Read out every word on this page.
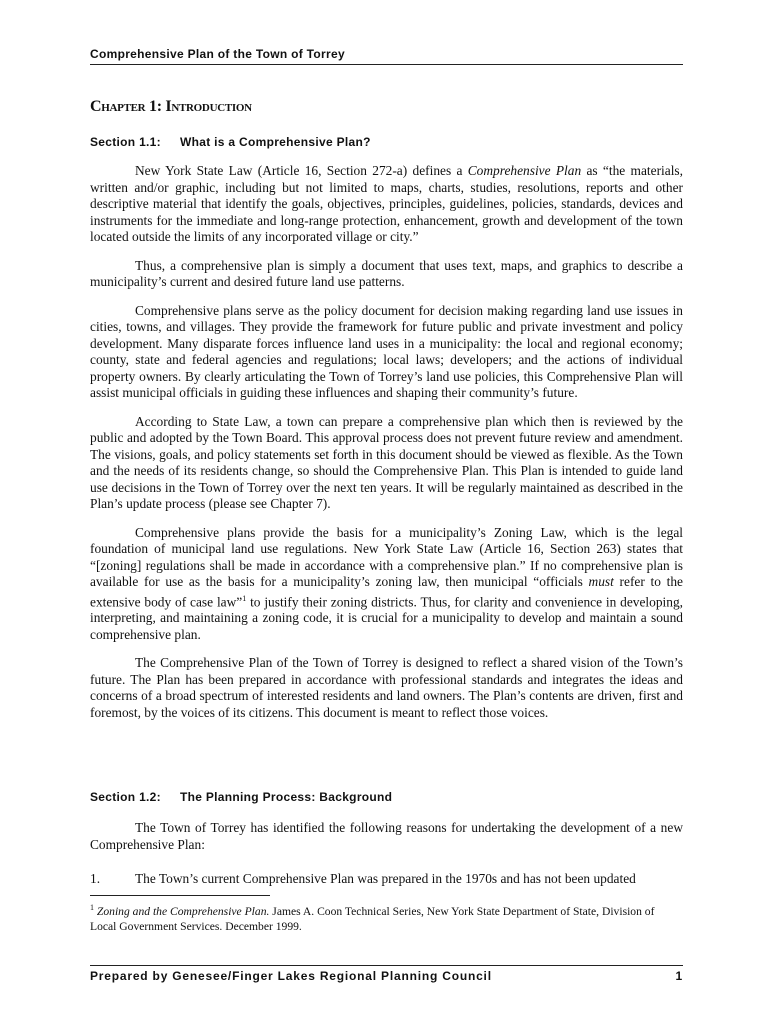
Comprehensive Plan of the Town of Torrey
Chapter 1: Introduction
Section 1.1: What is a Comprehensive Plan?

New York State Law (Article 16, Section 272-a) defines a Comprehensive Plan as “the materials, written and/or graphic, including but not limited to maps, charts, studies, resolutions, reports and other descriptive material that identify the goals, objectives, principles, guidelines, policies, standards, devices and instruments for the immediate and long-range protection, enhancement, growth and development of the town located outside the limits of any incorporated village or city.”

Thus, a comprehensive plan is simply a document that uses text, maps, and graphics to describe a municipality’s current and desired future land use patterns.

Comprehensive plans serve as the policy document for decision making regarding land use issues in cities, towns, and villages. They provide the framework for future public and private investment and policy development. Many disparate forces influence land uses in a municipality: the local and regional economy; county, state and federal agencies and regulations; local laws; developers; and the actions of individual property owners. By clearly articulating the Town of Torrey’s land use policies, this Comprehensive Plan will assist municipal officials in guiding these influences and shaping their community’s future.

According to State Law, a town can prepare a comprehensive plan which then is reviewed by the public and adopted by the Town Board. This approval process does not prevent future review and amendment. The visions, goals, and policy statements set forth in this document should be viewed as flexible. As the Town and the needs of its residents change, so should the Comprehensive Plan. This Plan is intended to guide land use decisions in the Town of Torrey over the next ten years. It will be regularly maintained as described in the Plan’s update process (please see Chapter 7).

Comprehensive plans provide the basis for a municipality’s Zoning Law, which is the legal foundation of municipal land use regulations. New York State Law (Article 16, Section 263) states that “[zoning] regulations shall be made in accordance with a comprehensive plan.” If no comprehensive plan is available for use as the basis for a municipality’s zoning law, then municipal “officials must refer to the extensive body of case law”$^1$ to justify their zoning districts. Thus, for clarity and convenience in developing, interpreting, and maintaining a zoning code, it is crucial for a municipality to develop and maintain a sound comprehensive plan.

The Comprehensive Plan of the Town of Torrey is designed to reflect a shared vision of the Town’s future. The Plan has been prepared in accordance with professional standards and integrates the ideas and concerns of a broad spectrum of interested residents and land owners. The Plan’s contents are driven, first and foremost, by the voices of its citizens. This document is meant to reflect those voices.

Section 1.2: The Planning Process: Background

The Town of Torrey has identified the following reasons for undertaking the development of a new Comprehensive Plan:

1.	The Town’s current Comprehensive Plan was prepared in the 1970s and has not been updated
$^1$ Zoning and the Comprehensive Plan. James A. Coon Technical Series, New York State Department of State, Division of Local Government Services. December 1999.
Prepared by Genesee/Finger Lakes Regional Planning Council	1
